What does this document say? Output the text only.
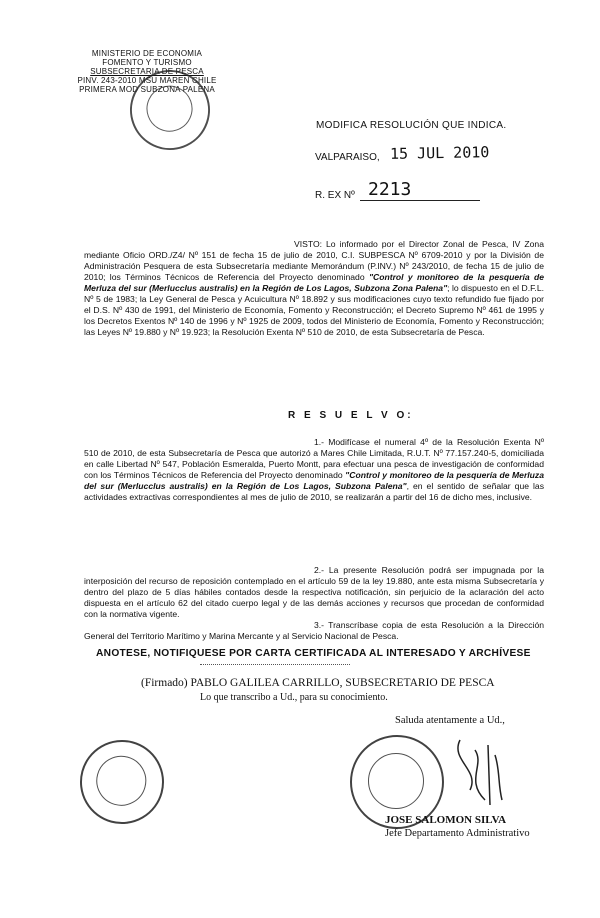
MINISTERIO DE ECONOMIA
FOMENTO Y TURISMO
SUBSECRETARIA DE PESCA
PINV. 243-2010 MSU MAREN CHILE
PRIMERA MOD SUBZONA PALENA
MODIFICA RESOLUCIÓN QUE INDICA.
VALPARAISO, 15 JUL 2010
R. EX Nº 2213
VISTO: Lo informado por el Director Zonal de Pesca, IV Zona mediante Oficio ORD./Z4/ Nº 151 de fecha 15 de julio de 2010, C.I. SUBPESCA Nº 6709-2010 y por la División de Administración Pesquera de esta Subsecretaría mediante Memorándum (P.INV.) Nº 243/2010, de fecha 15 de julio de 2010; los Términos Técnicos de Referencia del Proyecto denominado "Control y monitoreo de la pesquería de Merluza del sur (Merlucclus australis) en la Región de Los Lagos, Subzona Zona Palena"; lo dispuesto en el D.F.L. Nº 5 de 1983; la Ley General de Pesca y Acuicultura Nº 18.892 y sus modificaciones cuyo texto refundido fue fijado por el D.S. Nº 430 de 1991, del Ministerio de Economía, Fomento y Reconstrucción; el Decreto Supremo Nº 461 de 1995 y los Decretos Exentos Nº 140 de 1996 y Nº 1925 de 2009, todos del Ministerio de Economía, Fomento y Reconstrucción; las Leyes Nº 19.880 y Nº 19.923; la Resolución Exenta Nº 510 de 2010, de esta Subsecretaría de Pesca.
R E S U E L V O:
1.- Modifícase el numeral 4º de la Resolución Exenta Nº 510 de 2010, de esta Subsecretaría de Pesca que autorizó a Mares Chile Limitada, R.U.T. Nº 77.157.240-5, domiciliada en calle Libertad Nº 547, Población Esmeralda, Puerto Montt, para efectuar una pesca de investigación de conformidad con los Términos Técnicos de Referencia del Proyecto denominado "Control y monitoreo de la pesquería de Merluza del sur (Merlucclus australis) en la Región de Los Lagos, Subzona Palena", en el sentido de señalar que las actividades extractivas correspondientes al mes de julio de 2010, se realizarán a partir del 16 de dicho mes, inclusive.
2.- La presente Resolución podrá ser impugnada por la interposición del recurso de reposición contemplado en el artículo 59 de la ley 19.880, ante esta misma Subsecretaría y dentro del plazo de 5 días hábiles contados desde la respectiva notificación, sin perjuicio de la aclaración del acto dispuesta en el artículo 62 del citado cuerpo legal y de las demás acciones y recursos que procedan de conformidad con la normativa vigente.
3.- Transcríbase copia de esta Resolución a la Dirección General del Territorio Marítimo y Marina Mercante y al Servicio Nacional de Pesca.
ANOTESE, NOTIFIQUESE POR CARTA CERTIFICADA AL INTERESADO Y ARCHÍVESE
(Firmado) PABLO GALILEA CARRILLO, SUBSECRETARIO DE PESCA
Lo que transcribo a Ud., para su conocimiento.
Saluda atentamente a Ud.,
JOSE SALOMON SILVA
Jefe Departamento Administrativo
